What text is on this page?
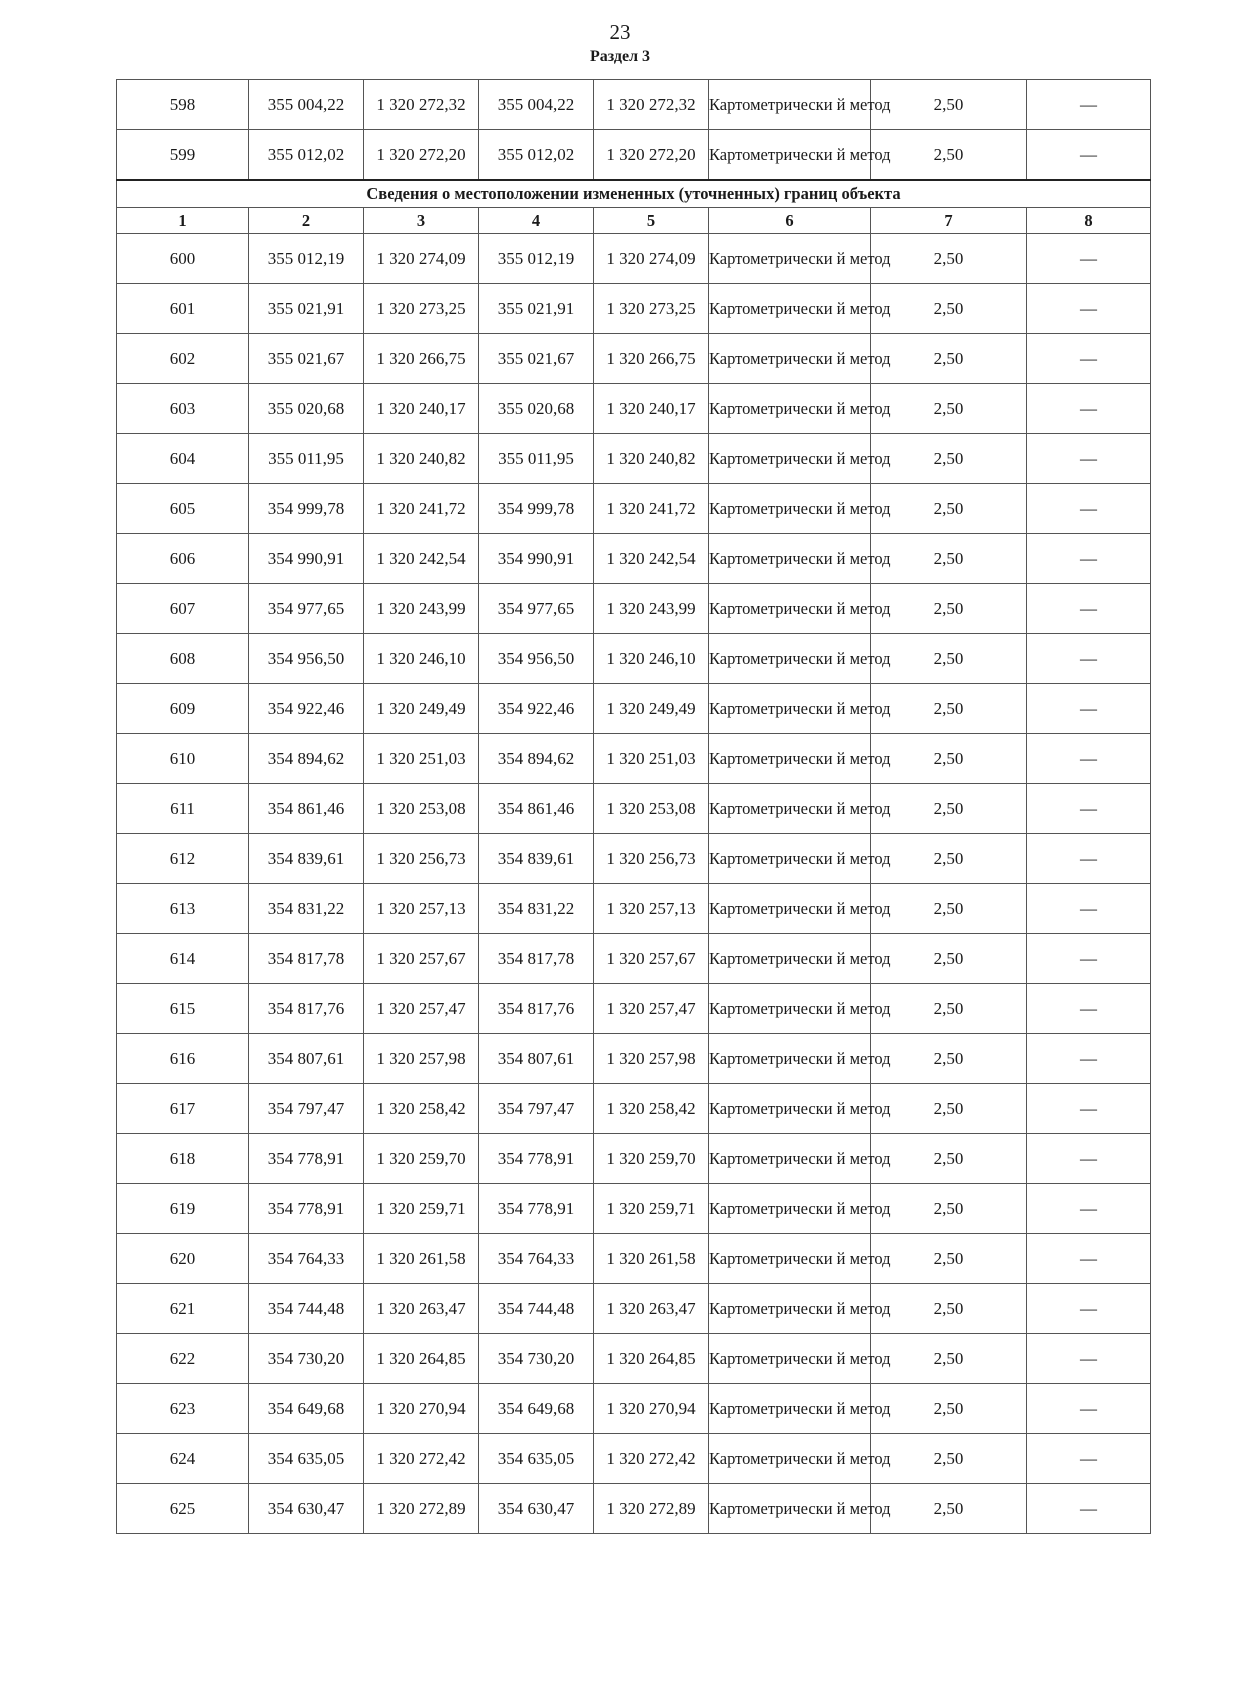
23
Раздел 3
598	355 004,22	1 320 272,32	355 004,22	1 320 272,32	Картометрически й метод	2,50	—
599	355 012,02	1 320 272,20	355 012,02	1 320 272,20	Картометрически й метод	2,50	—
Сведения о местоположении измененных (уточненных) границ объекта							
1	2	3	4	5	6	7	8
600	355 012,19	1 320 274,09	355 012,19	1 320 274,09	Картометрически й метод	2,50	—
601	355 021,91	1 320 273,25	355 021,91	1 320 273,25	Картометрически й метод	2,50	—
602	355 021,67	1 320 266,75	355 021,67	1 320 266,75	Картометрически й метод	2,50	—
603	355 020,68	1 320 240,17	355 020,68	1 320 240,17	Картометрически й метод	2,50	—
604	355 011,95	1 320 240,82	355 011,95	1 320 240,82	Картометрически й метод	2,50	—
605	354 999,78	1 320 241,72	354 999,78	1 320 241,72	Картометрически й метод	2,50	—
606	354 990,91	1 320 242,54	354 990,91	1 320 242,54	Картометрически й метод	2,50	—
607	354 977,65	1 320 243,99	354 977,65	1 320 243,99	Картометрически й метод	2,50	—
608	354 956,50	1 320 246,10	354 956,50	1 320 246,10	Картометрически й метод	2,50	—
609	354 922,46	1 320 249,49	354 922,46	1 320 249,49	Картометрически й метод	2,50	—
610	354 894,62	1 320 251,03	354 894,62	1 320 251,03	Картометрически й метод	2,50	—
611	354 861,46	1 320 253,08	354 861,46	1 320 253,08	Картометрически й метод	2,50	—
612	354 839,61	1 320 256,73	354 839,61	1 320 256,73	Картометрически й метод	2,50	—
613	354 831,22	1 320 257,13	354 831,22	1 320 257,13	Картометрически й метод	2,50	—
614	354 817,78	1 320 257,67	354 817,78	1 320 257,67	Картометрически й метод	2,50	—
615	354 817,76	1 320 257,47	354 817,76	1 320 257,47	Картометрически й метод	2,50	—
616	354 807,61	1 320 257,98	354 807,61	1 320 257,98	Картометрически й метод	2,50	—
617	354 797,47	1 320 258,42	354 797,47	1 320 258,42	Картометрически й метод	2,50	—
618	354 778,91	1 320 259,70	354 778,91	1 320 259,70	Картометрически й метод	2,50	—
619	354 778,91	1 320 259,71	354 778,91	1 320 259,71	Картометрически й метод	2,50	—
620	354 764,33	1 320 261,58	354 764,33	1 320 261,58	Картометрически й метод	2,50	—
621	354 744,48	1 320 263,47	354 744,48	1 320 263,47	Картометрически й метод	2,50	—
622	354 730,20	1 320 264,85	354 730,20	1 320 264,85	Картометрически й метод	2,50	—
623	354 649,68	1 320 270,94	354 649,68	1 320 270,94	Картометрически й метод	2,50	—
624	354 635,05	1 320 272,42	354 635,05	1 320 272,42	Картометрически й метод	2,50	—
625	354 630,47	1 320 272,89	354 630,47	1 320 272,89	Картометрически й метод	2,50	—
